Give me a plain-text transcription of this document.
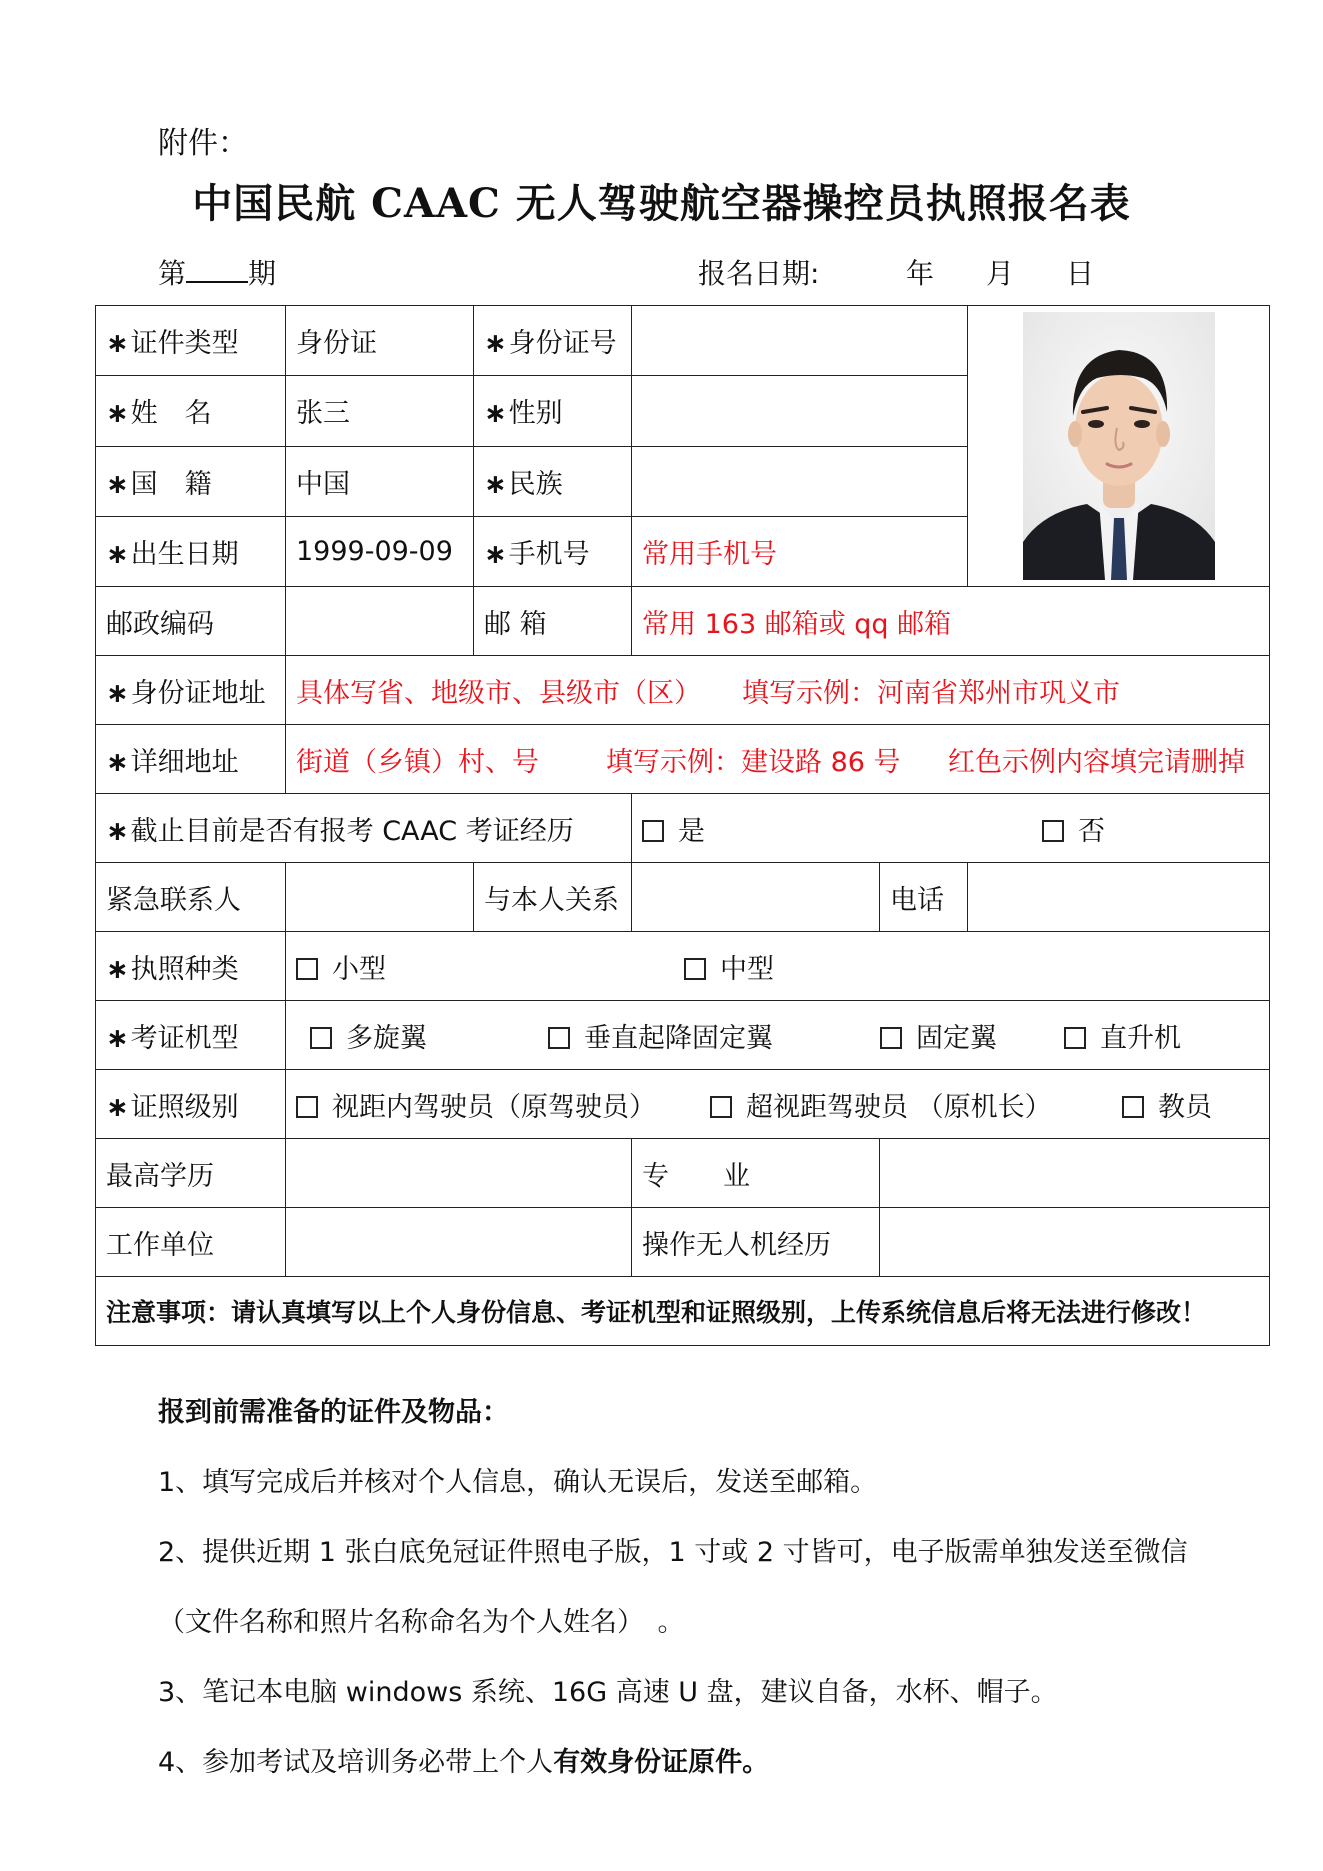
附件：
中国民航 CAAC 无人驾驶航空器操控员执照报名表
第 期	报名日期:	年 月 日
∗证件类型	身份证	∗身份证号		

∗姓　名	张三	∗性别			
∗国　籍	中国	∗民族			
∗出生日期	1999-09-09	∗手机号	常用手机号		
邮政编码		邮 箱	常用 163 邮箱或 qq 邮箱		
∗身份证地址	具体写省、地级市、县级市（区） 填写示例：河南省郑州市巩义市				
∗详细地址	街道（乡镇）村、号 填写示例：建设路 86 号 红色示例内容填完请删掉				
∗截止目前是否有报考 CAAC 考证经历			是 否		
紧急联系人		与本人关系		电话	
∗执照种类	小型 中型				
∗考证机型	多旋翼 垂直起降固定翼 固定翼 直升机				
∗证照级别	视距内驾驶员（原驾驶员） 超视距驾驶员 （原机长） 教员				
最高学历			专　　业		
工作单位			操作无人机经历		
注意事项：请认真填写以上个人身份信息、考证机型和证照级别，上传系统信息后将无法进行修改！					
报到前需准备的证件及物品：
1、填写完成后并核对个人信息，确认无误后，发送至邮箱。
2、提供近期 1 张白底免冠证件照电子版，1 寸或 2 寸皆可，电子版需单独发送至微信
（文件名称和照片名称命名为个人姓名）　。
3、笔记本电脑 windows 系统、16G 高速 U 盘，建议自备，水杯、帽子。
4、参加考试及培训务必带上个人有效身份证原件。
